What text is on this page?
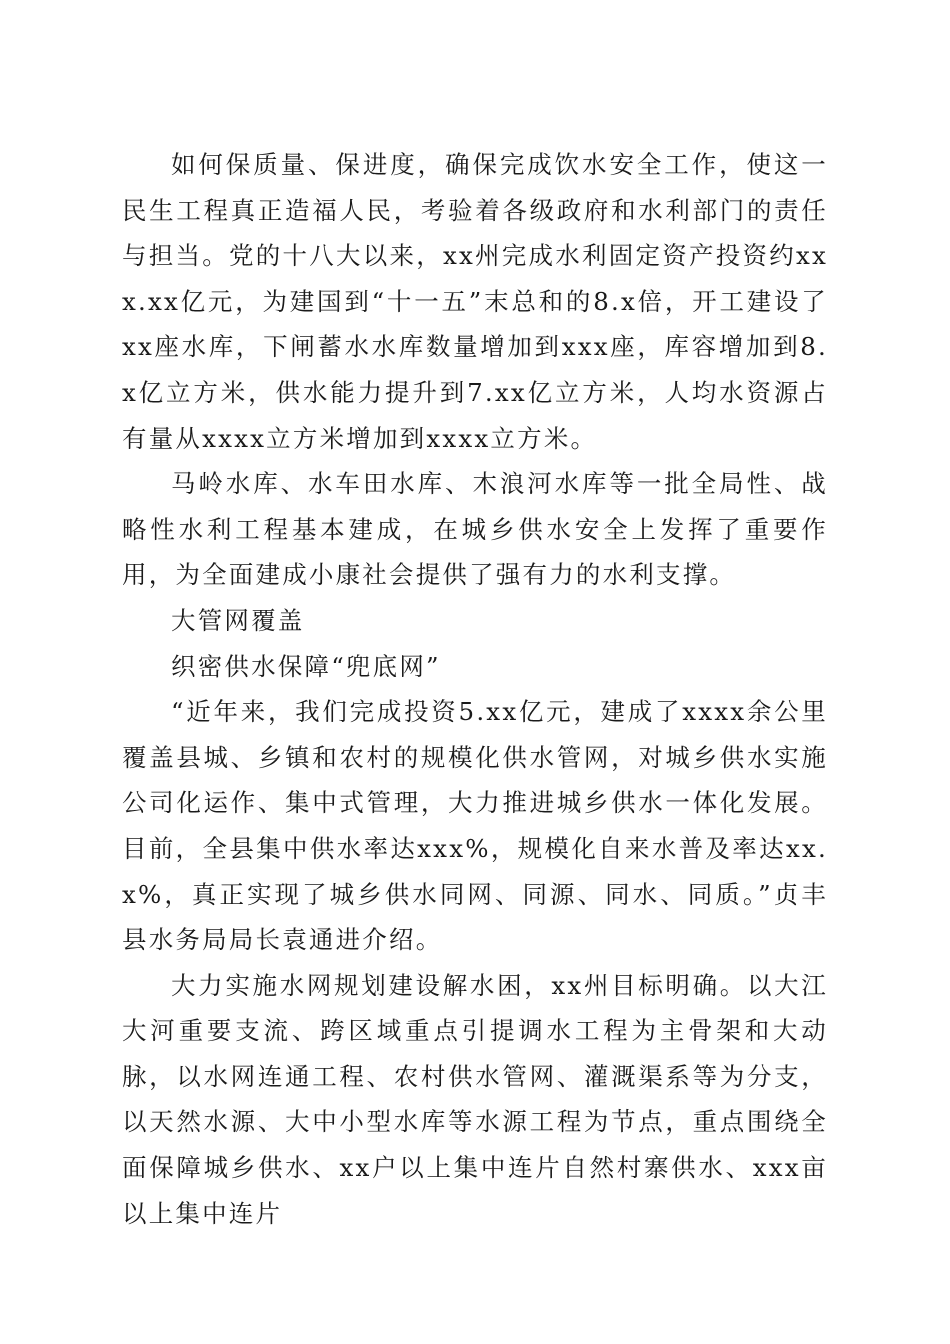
如何保质量、保进度，确保完成饮水安全工作，使这一民生工程真正造福人民，考验着各级政府和水利部门的责任与担当。党的十八大以来，xx州完成水利固定资产投资约xxx.xx亿元，为建国到“十一五”末总和的8.x倍，开工建设了xx座水库，下闸蓄水水库数量增加到xxx座，库容增加到8.x亿立方米，供水能力提升到7.xx亿立方米，人均水资源占有量从xxxx立方米增加到xxxx立方米。

马岭水库、水车田水库、木浪河水库等一批全局性、战略性水利工程基本建成，在城乡供水安全上发挥了重要作用，为全面建成小康社会提供了强有力的水利支撑。

大管网覆盖

织密供水保障“兜底网”

“近年来，我们完成投资5.xx亿元，建成了xxxx余公里覆盖县城、乡镇和农村的规模化供水管网，对城乡供水实施公司化运作、集中式管理，大力推进城乡供水一体化发展。目前，全县集中供水率达xxx%，规模化自来水普及率达xx.x%，真正实现了城乡供水同网、同源、同水、同质。”贞丰县水务局局长袁通进介绍。

大力实施水网规划建设解水困，xx州目标明确。以大江大河重要支流、跨区域重点引提调水工程为主骨架和大动脉，以水网连通工程、农村供水管网、灌溉渠系等为分支，以天然水源、大中小型水库等水源工程为节点，重点围绕全面保障城乡供水、xx户以上集中连片自然村寨供水、xxx亩以上集中连片
